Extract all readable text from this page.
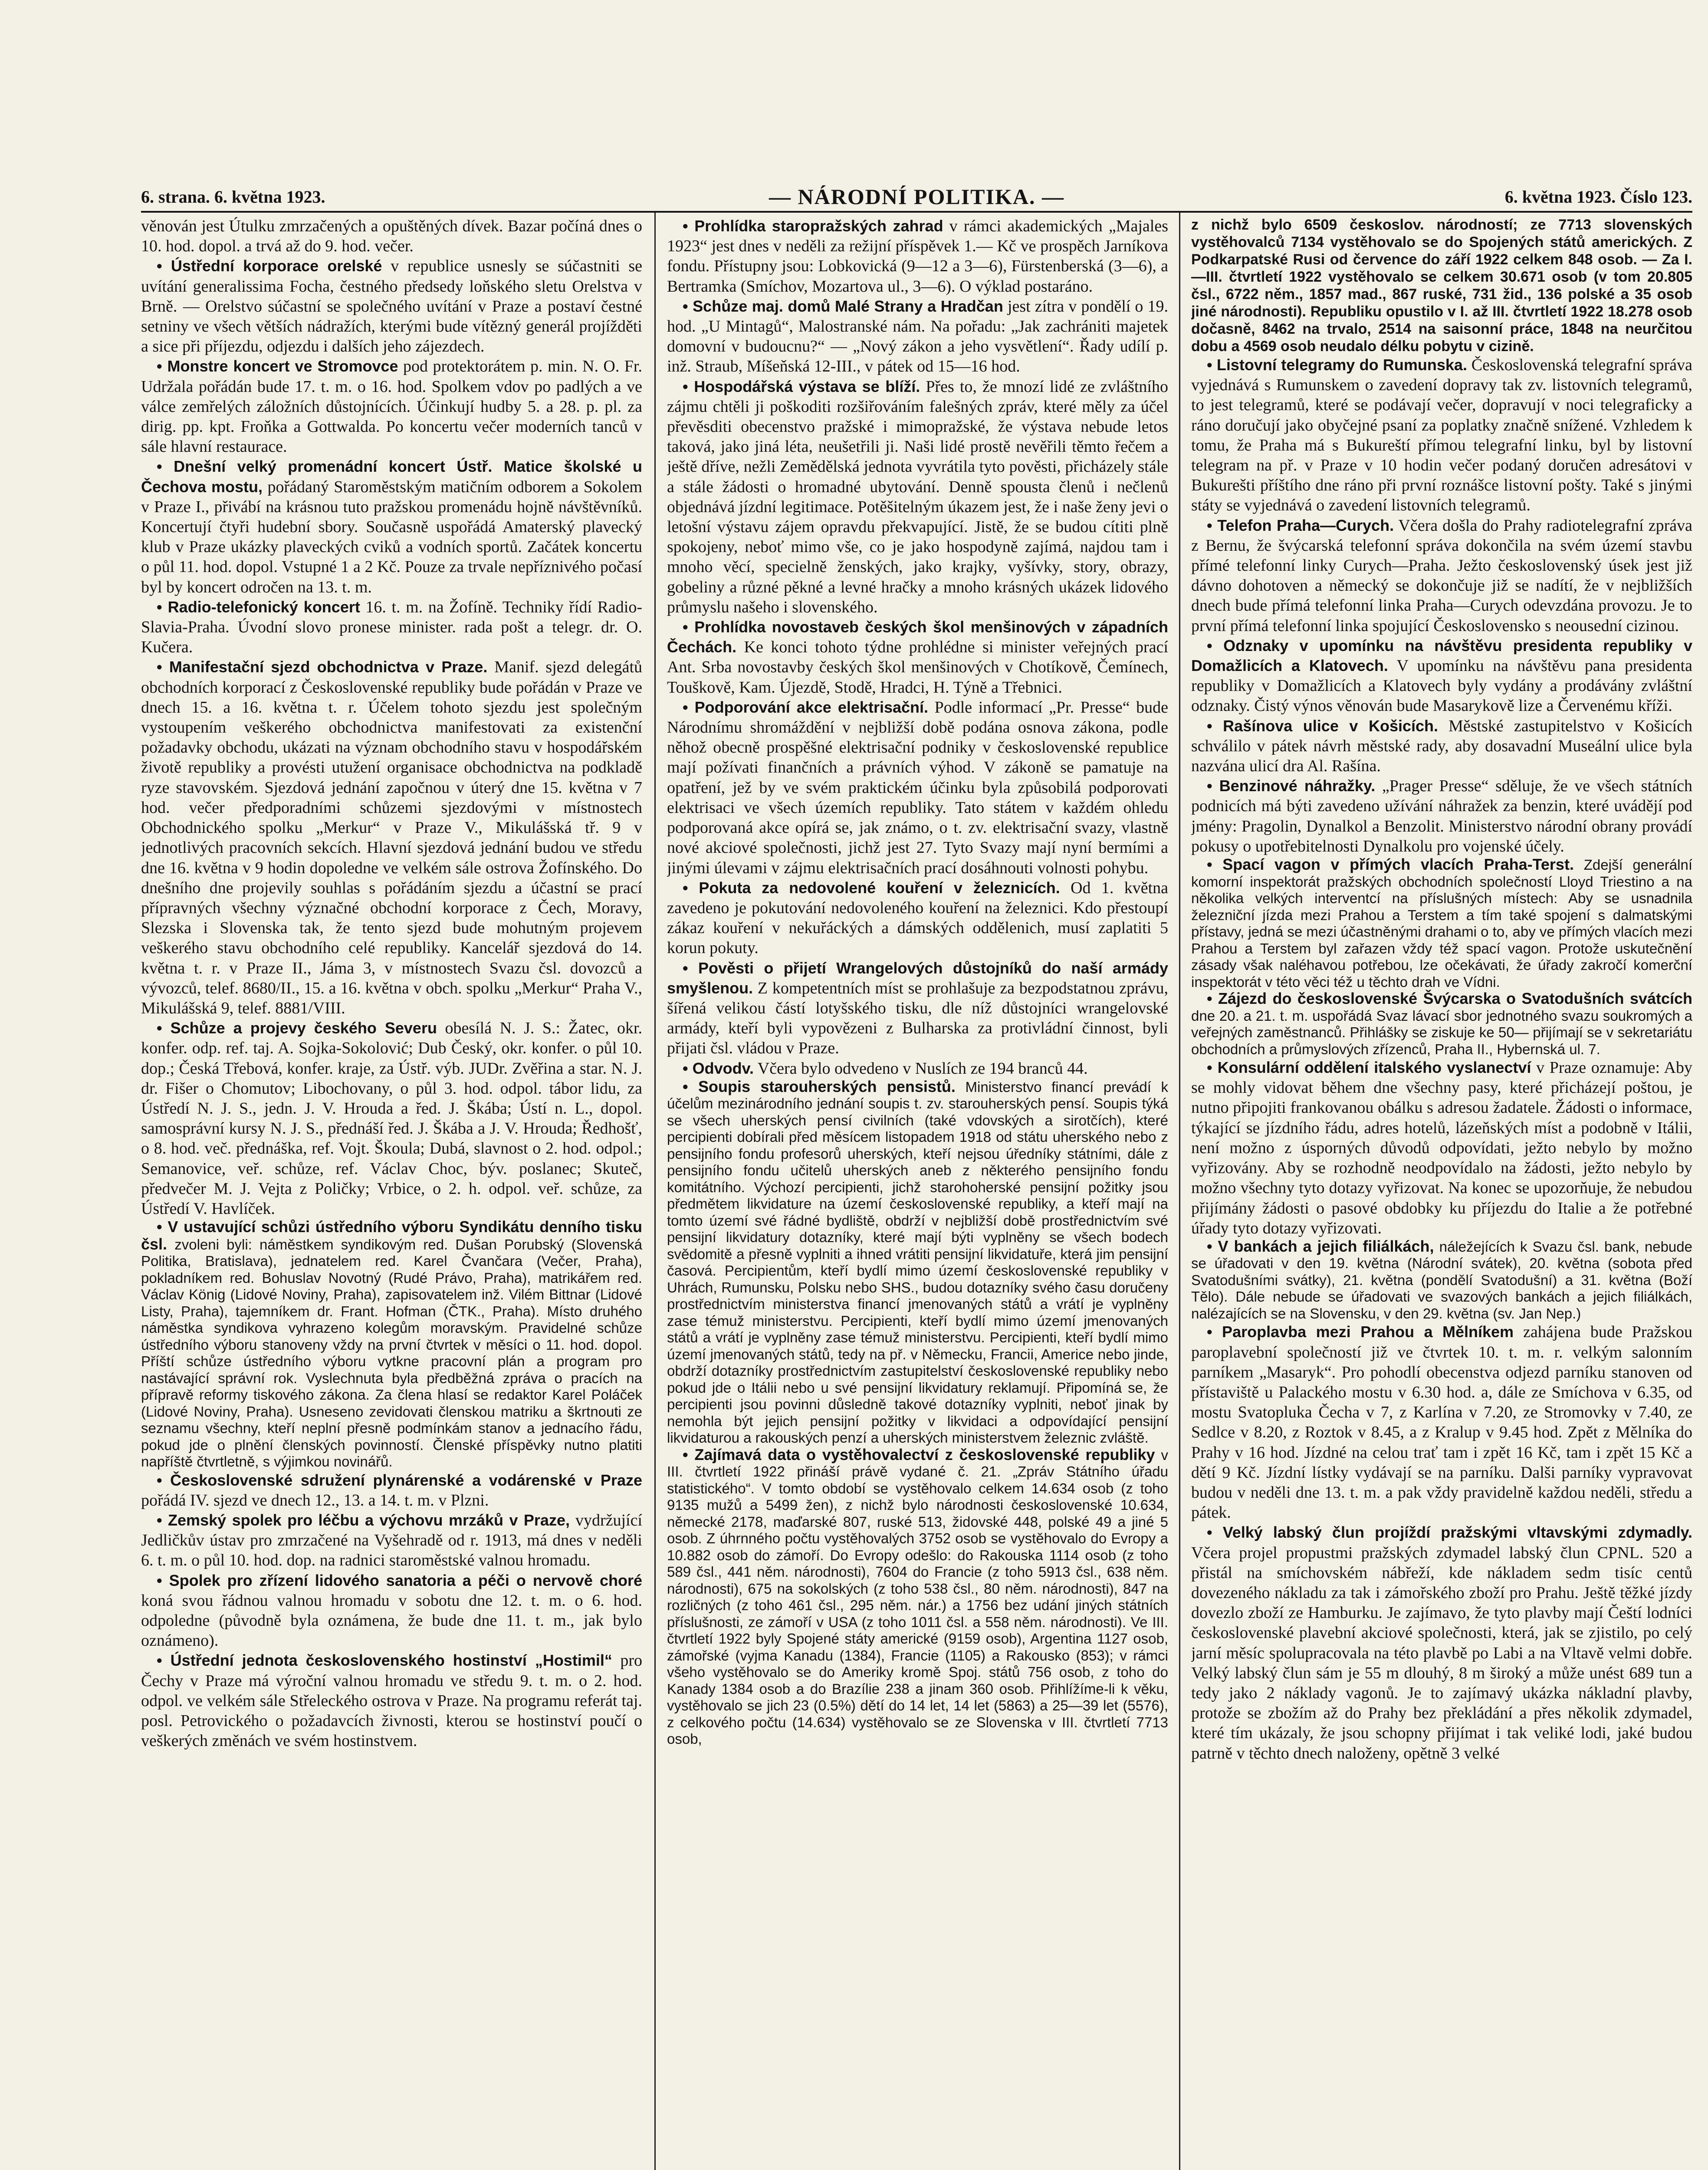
6. strana. 6. května 1923.	— NÁRODNÍ POLITIKA. —	6. května 1923. Číslo 123.

věnován jest Útulku zmrzačených a opuštěných dívek. Bazar počíná dnes o 10. hod. dopol. a trvá až do 9. hod. večer.

• Ústřední korporace orelské v republice usnesly se súčastniti se uvítání generalissima Focha, čestného předsedy loňského sletu Orelstva v Brně. — Orelstvo súčastní se společného uvítání v Praze a postaví čestné setniny ve všech větších nádražích, kterými bude vítězný generál projížděti a sice při příjezdu, odjezdu i dalších jeho zájezdech.

• Monstre koncert ve Stromovce pod protektorátem p. min. N. O. Fr. Udržala pořádán bude 17. t. m. o 16. hod. Spolkem vdov po padlých a ve válce zemřelých záložních důstojnících. Účinkují hudby 5. a 28. p. pl. za dirig. pp. kpt. Froňka a Gottwalda. Po koncertu večer moderních tanců v sále hlavní restaurace.

• Dnešní velký promenádní koncert Ústř. Matice školské u Čechova mostu, pořádaný Staroměstským matičním odborem a Sokolem v Praze I., přivábí na krásnou tuto pražskou promenádu hojně návštěvníků. Koncertují čtyři hudební sbory. Současně uspořádá Amaterský plavecký klub v Praze ukázky plaveckých cviků a vodních sportů. Začátek koncertu o půl 11. hod. dopol. Vstupné 1 a 2 Kč. Pouze za trvale nepříznivého počasí byl by koncert odročen na 13. t. m.

• Radio-telefonický koncert 16. t. m. na Žofíně. Techniky řídí Radio-Slavia-Praha. Úvodní slovo pronese minister. rada pošt a telegr. dr. O. Kučera.

• Manifestační sjezd obchodnictva v Praze. Manif. sjezd delegátů obchodních korporací z Československé republiky bude pořádán v Praze ve dnech 15. a 16. května t. r. Účelem tohoto sjezdu jest společným vystoupením veškerého obchodnictva manifestovati za existenční požadavky obchodu, ukázati na význam obchodního stavu v hospodářském životě republiky a provésti utužení organisace obchodnictva na podkladě ryze stavovském. Sjezdová jednání započnou v úterý dne 15. května v 7 hod. večer předporadními schůzemi sjezdovými v místnostech Obchodnického spolku „Merkur“ v Praze V., Mikulášská tř. 9 v jednotlivých pracovních sekcích. Hlavní sjezdová jednání budou ve středu dne 16. května v 9 hodin dopoledne ve velkém sále ostrova Žofínského. Do dnešního dne projevily souhlas s pořádáním sjezdu a účastní se prací přípravných všechny význačné obchodní korporace z Čech, Moravy, Slezska i Slovenska tak, že tento sjezd bude mohutným projevem veškerého stavu obchodního celé republiky. Kancelář sjezdová do 14. května t. r. v Praze II., Jámа 3, v místnostech Svazu čsl. dovozců a vývozců, telef. 8680/II., 15. a 16. května v obch. spolku „Merkur“ Praha V., Mikulášská 9, telef. 8881/VIII.

• Schůze a projevy českého Severu obesílá N. J. S.: Žatec, okr. konfer. odp. ref. taj. A. Sojka-Sokolović; Dub Český, okr. konfer. o půl 10. dop.; Česká Třebová, konfer. kraje, za Ústř. výb. JUDr. Zvěřina a star. N. J. dr. Fišer o Chomutov; Libochovany, o půl 3. hod. odpol. tábor lidu, za Ústředí N. J. S., jedn. J. V. Hrouda a řed. J. Škába; Ústí n. L., dopol. samosprávní kursy N. J. S., přednáší řed. J. Škába a J. V. Hrouda; Ředhošť, o 8. hod. več. přednáška, ref. Vojt. Škoula; Dubá, slavnost o 2. hod. odpol.; Semanovice, veř. schůze, ref. Václav Choc, býv. poslanec; Skuteč, předvečer M. J. Vejta z Poličky; Vrbice, o 2. h. odpol. veř. schůze, za Ústředí V. Havlíček.

• V ustavující schůzi ústředního výboru Syndikátu denního tisku čsl. zvoleni byli: náměstkem syndikovým red. Dušan Porubský (Slovenská Politika, Bratislava), jednatelem red. Karel Čvančara (Večer, Praha), pokladníkem red. Bohuslav Novotný (Rudé Právo, Praha), matrikářem red. Václav König (Lidové Noviny, Praha), zapisovatelem inž. Vilém Bittnar (Lidové Listy, Praha), tajemníkem dr. Frant. Hofman (ČTK., Praha). Místo druhého náměstka syndikova vyhrazeno kolegům moravským. Pravidelné schůze ústředního výboru stanoveny vždy na první čtvrtek v měsíci o 11. hod. dopol. Příští schůze ústředního výboru vytkne pracovní plán a program pro nastávající správní rok. Vyslechnuta byla předběžná zpráva o pracích na přípravě reformy tiskového zákona. Za člena hlasí se redaktor Karel Poláček (Lidové Noviny, Praha). Usneseno zevidovati členskou matriku a škrtnouti ze seznamu všechny, kteří neplní přesně podmínkám stanov a jednacího řádu, pokud jde o plnění členských povinností. Členské příspěvky nutno platiti napříště čtvrtletně, s výjimkou novinářů.

• Československé sdružení plynárenské a vodárenské v Praze pořádá IV. sjezd ve dnech 12., 13. a 14. t. m. v Plzni.

• Zemský spolek pro léčbu a výchovu mrzáků v Praze, vydržující Jedličkův ústav pro zmrzačené na Vyšehradě od r. 1913, má dnes v neděli 6. t. m. o půl 10. hod. dop. na radnici staroměstské valnou hromadu.

• Spolek pro zřízení lidového sanatoria a péči o nervově choré koná svou řádnou valnou hromadu v sobotu dne 12. t. m. o 6. hod. odpoledne (původně byla oznámena, že bude dne 11. t. m., jak bylo oznámeno).

• Ústřední jednota československého hostinství „Hostimil“ pro Čechy v Praze má výroční valnou hromadu ve středu 9. t. m. o 2. hod. odpol. ve velkém sále Střeleckého ostrova v Praze. Na programu referát taj. posl. Petrovického o požadavcích živnosti, kterou se hostinství poučí o veškerých změnách ve svém hostinstvem.

• Prohlídka staropražských zahrad v rámci akademických „Majales 1923“ jest dnes v neděli za režijní příspěvek 1.— Kč ve prospěch Jarníkova fondu. Přístupny jsou: Lobkovická (9—12 a 3—6), Fürstenberská (3—6), a Bertramka (Smíchov, Mozartova ul., 3—6). O výklad postaráno.

• Schůze maj. domů Malé Strany a Hradčan jest zítra v pondělí o 19. hod. „U Mintagů“, Malostranské nám. Na pořadu: „Jak zachrániti majetek domovní v budoucnu?“ — „Nový zákon a jeho vysvětlení“. Řady udílí p. inž. Straub, Míšeňská 12-III., v pátek od 15—16 hod.

• Hospodářská výstava se blíží. Přes to, že mnozí lidé ze zvláštního zájmu chtěli ji poškoditi rozšiřováním falešných zpráv, které měly za účel převěsditi obecenstvo pražské i mimopražské, že výstava nebude letos taková, jako jiná léta, neušetřili ji. Naši lidé prostě nevěřili těmto řečem a ještě dříve, nežli Zemědělská jednota vyvrátila tyto pověsti, přicházely stále a stále žádosti o hromadné ubytování. Denně spousta členů i nečlenů objednává jízdní legitimace. Potěšitelným úkazem jest, že i naše ženy jevi o letošní výstavu zájem opravdu překvapující. Jistě, že se budou cítiti plně spokojeny, neboť mimo vše, co je jako hospodyně zajímá, najdou tam i mnoho věcí, specielně ženských, jako krajky, vyšívky, story, obrazy, gobeliny a různé pěkné a levné hračky a mnoho krásných ukázek lidového průmyslu našeho i slovenského.

• Prohlídka novostaveb českých škol menšinových v západních Čechách. Ke konci tohoto týdne prohlédne si minister veřejných prací Ant. Srba novostavby českých škol menšinových v Chotíkově, Čemínech, Touškově, Kam. Újezdě, Stodě, Hradci, H. Týně a Třebnici.

• Podporování akce elektrisační. Podle informací „Pr. Presse“ bude Národnímu shromáždění v nejbližší době podána osnova zákona, podle něhož obecně prospěšné elektrisační podniky v československé republice mají požívati finančních a právních výhod. V zákoně se pamatuje na opatření, jež by ve svém praktickém účinku byla způsobilá podporovati elektrisaci ve všech územích republiky. Tato státem v každém ohledu podporovaná akce opírá se, jak známo, o t. zv. elektrisační svazy, vlastně nové akciové společnosti, jichž jest 27. Tyto Svazy mají nyní bermími a jinými úlevami v zájmu elektrisačních prací dosáhnouti volnosti pohybu.

• Pokuta za nedovolené kouření v železnicích. Od 1. května zavedeno je pokutování nedovoleného kouření na železnici. Kdo přestoupí zákaz kouření v nekuřáckých a dámských oddělenich, musí zaplatiti 5 korun pokuty.

• Pověsti o přijetí Wrangelových důstojníků do naší armády smyšlenou. Z kompetentních míst se prohlašuje za bezpodstatnou zprávu, šířená velikou částí lotyšského tisku, dle níž důstojníci wrangelovské armády, kteří byli vypovězeni z Bulharska za protivládní činnost, byli přijati čsl. vládou v Praze.

• Odvodv. Včera bylo odvedeno v Nuslích ze 194 branců 44.

• Soupis starouherských pensistů. Ministerstvo financí prevádí k účelům mezinárodního jednání soupis t. zv. starouherských pensí. Soupis týká se všech uherských pensí civilních (také vdovských a sirotčích), které percipienti dobírali před měsícem listopadem 1918 od státu uherského nebo z pensijního fondu profesorů uherských, kteří nejsou úředníky státními, dále z pensijního fondu učitelů uherských aneb z některého pensijního fondu komitátního. Výchozí percipienti, jichž starohoherské pensijní požitky jsou předmětem likvidature na území československé republiky, a kteří mají na tomto území své řádné bydliště, obdrží v nejbližší době prostřednictvím své pensijní likvidatury dotazníky, které mají býti vyplněny se všech bodech svědomitě a přesně vyplniti a ihned vrátiti pensijní likvidatuře, která jim pensijní časová. Percipientům, kteří bydlí mimo území československé republiky v Uhrách, Rumunsku, Polsku nebo SHS., budou dotazníky svého času doručeny prostřednictvím ministerstva financí jmenovaných států a vrátí je vyplněny zase témuž ministerstvu. Percipienti, kteří bydlí mimo území jmenovaných států a vrátí je vyplněny zase témuž ministerstvu. Percipienti, kteří bydlí mimo území jmenovaných států, tedy na př. v Německu, Francii, Americe nebo jinde, obdrží dotazníky prostřednictvím zastupitelství československé republiky nebo pokud jde o Itálii nebo u své pensijní likvidatury reklamují. Připomíná se, že percipienti jsou povinni důsledně takové dotazníky vyplniti, neboť jinak by nemohla být jejich pensijní požitky v likvidaci a odpovídající pensijní likvidaturou a rakouských penzí a uherských ministerstvem železnic zvláště.

• Zajímavá data o vystěhovalectví z československé republiky v III. čtvrtletí 1922 přináší právě vydané č. 21. „Zpráv Státního úřadu statistického“. V tomto období se vystěhovalo celkem 14.634 osob (z toho 9135 mužů a 5499 žen), z nichž bylo národnosti československé 10.634, německé 2178, maďarské 807, ruské 513, židovské 448, polské 49 a jiné 5 osob. Z úhrnného počtu vystěhovalých 3752 osob se vystěhovalo do Evropy a 10.882 osob do zámoří. Do Evropy odešlo: do Rakouska 1114 osob (z toho 589 čsl., 441 něm. národnosti), 7604 do Francie (z toho 5913 čsl., 638 něm. národnosti), 675 na sokolských (z toho 538 čsl., 80 něm. národnosti), 847 na rozličných (z toho 461 čsl., 295 něm. nár.) a 1756 bez udání jiných státních příslušnosti, ze zámoří v USA (z toho 1011 čsl. a 558 něm. národnosti). Ve III. čtvrtletí 1922 byly Spojené státy americké (9159 osob), Argentina 1127 osob, zámořské (vyjma Kanadu (1384), Francie (1105) a Rakousko (853); v rámci všeho vystěhovalo se do Ameriky kromě Spoj. států 756 osob, z toho do Kanady 1384 osob a do Brazílie 238 a jinam 360 osob. Přihlížíme-li k věku, vystěhovalo se jich 23 (0.5%) dětí do 14 let, 14 let (5863) a 25—39 let (5576), z celkového počtu (14.634) vystěhovalo se ze Slovenska v III. čtvrtletí 7713 osob,

z nichž bylo 6509 českoslov. národností; ze 7713 slovenských vystěhovalců 7134 vystěhovalo se do Spojených států amerických. Z Podkarpatské Rusi od července do září 1922 celkem 848 osob. — Za I.—III. čtvrtletí 1922 vystěhovalo se celkem 30.671 osob (v tom 20.805 čsl., 6722 něm., 1857 mad., 867 ruské, 731 žid., 136 polské a 35 osob jiné národnosti). Republiku opustilo v I. až III. čtvrtletí 1922 18.278 osob dočasně, 8462 na trvalo, 2514 na saisonní práce, 1848 na neurčitou dobu a 4569 osob neudalo délku pobytu v cizině.

• Listovní telegramy do Rumunska. Československá telegrafní správa vyjednává s Rumunskem o zavedení dopravy tak zv. listovních telegramů, to jest telegramů, které se podávají večer, dopravují v noci telegraficky a ráno doručují jako obyčejné psaní za poplatky značně snížené. Vzhledem k tomu, že Praha má s Bukureští přímou telegrafní linku, byl by listovní telegram na př. v Praze v 10 hodin večer podaný doručen adresátovi v Bukurešti příštího dne ráno při první roznášce listovní pošty. Také s jinými státy se vyjednává o zavedení listovních telegramů.

• Telefon Praha—Curych. Včera došla do Prahy radiotelegrafní zpráva z Bernu, že švýcarská telefonní správa dokončila na svém území stavbu přímé telefonní linky Curych—Praha. Ježto československý úsek jest již dávno dohotoven a německý se dokončuje již se nadítí, že v nejbližších dnech bude přímá telefonní linka Praha—Curych odevzdána provozu. Je to první přímá telefonní linka spojující Československo s neousední cizinou.

• Odznaky v upomínku na návštěvu presidenta republiky v Domažlicích a Klatovech. V upomínku na návštěvu pana presidenta republiky v Domažlicích a Klatovech byly vydány a prodávány zvláštní odznaky. Čistý výnos věnován bude Masarykově lize a Červenému kříži.

• Rašínova ulice v Košicích. Městské zastupitelstvo v Košicích schválilo v pátek návrh městské rady, aby dosavadní Museální ulice byla nazvána ulicí dra Al. Rašína.

• Benzinové náhražky. „Prager Presse“ sděluje, že ve všech státních podnicích má býti zavedeno užívání náhražek za benzin, které uvádějí pod jmény: Pragolin, Dynalkol a Benzolit. Ministerstvo národní obrany provádí pokusy o upotřebitelnosti Dynalkolu pro vojenské účely.

• Spací vagon v přímých vlacích Praha-Terst. Zdejší generální komorní inspektorát pražských obchodních společností Lloyd Triestino a na několika velkých interventcí na příslušných místech: Aby se usnadnila železniční jízda mezi Prahou a Terstem a tím také spojení s dalmatskými přístavy, jedná se mezi účastněnými drahami o to, aby ve přímých vlacích mezi Prahou a Terstem byl zařazen vždy též spací vagon. Protože uskutečnění zásady však naléhavou potřebou, lze očekávati, že úřady zakročí komerční inspektorát v této věci též u těchto drah ve Vídni.

• Zájezd do československé Švýcarska o Svatodušních svátcích dne 20. a 21. t. m. uspořádá Svaz lávací sbor jednotného svazu soukromých a veřejných zaměstnanců. Přihlášky se ziskuje ke 50— přijímají se v sekretariátu obchodních a průmyslových zřízenců, Praha II., Hybernská ul. 7.

• Konsulární oddělení italského vyslanectví v Praze oznamuje: Aby se mohly vidovat během dne všechny pasy, které přicházejí poštou, je nutno připojiti frankovanou obálku s adresou žadatele. Žádosti o informace, týkající se jízdního řádu, adres hotelů, lázeňských míst a podobně v Itálii, není možno z úsporných důvodů odpovídati, ježto nebylo by možno vyřizovány. Aby se rozhodně neodpovídalo na žádosti, ježto nebylo by možno všechny tyto dotazy vyřizovat. Na konec se upozorňuje, že nebudou přijímány žádosti o pasové obdobky ku příjezdu do Italie a že potřebné úřady tyto dotazy vyřizovati.

• V bankách a jejich filiálkách, náležejících k Svazu čsl. bank, nebude se úřadovati v den 19. května (Národní svátek), 20. května (sobota před Svatodušními svátky), 21. května (pondělí Svatodušní) a 31. května (Boží Tělo). Dále nebude se úřadovati ve svazových bankách a jejich filiálkách, nalézajících se na Slovensku, v den 29. května (sv. Jan Nep.)

• Paroplavba mezi Prahou a Mělníkem zahájena bude Pražskou paroplavební společností již ve čtvrtek 10. t. m. r. velkým salonním parníkem „Masaryk“. Pro pohodlí obecenstva odjezd parníku stanoven od přístaviště u Palackého mostu v 6.30 hod. a, dále ze Smíchova v 6.35, od mostu Svatopluka Čecha v 7, z Karlína v 7.20, ze Stromovky v 7.40, ze Sedlce v 8.20, z Roztok v 8.45, a z Kralup v 9.45 hod. Zpět z Mělníka do Prahy v 16 hod. Jízdné na celou trať tam i zpět 16 Kč, tam i zpět 15 Kč a dětí 9 Kč. Jízdní lístky vydávají se na parníku. Dalši parníky vypravovat budou v neděli dne 13. t. m. a pak vždy pravidelně každou neděli, středu a pátek.

• Velký labský člun projíždí pražskými vltavskými zdymadly. Včera projel propustmi pražských zdymadel labský člun CPNL. 520 a přistál na smíchovském nábřeží, kde nákladem sedm tisíc centů dovezeného nákladu za tak i zámořského zboží pro Prahu. Ještě těžké jízdy dovezlo zboží ze Hamburku. Je zajímavo, že tyto plavby mají Čeští lodníci československé plavební akciové společnosti, která, jak se zjistilo, po celý jarní měsíc spolupracovala na této plavbě po Labi a na Vltavě velmi dobře. Velký labský člun sám je 55 m dlouhý, 8 m široký a může unést 689 tun a tedy jako 2 náklady vagonů. Je to zajímavý ukázka nákladní plavby, protože se zbožím až do Prahy bez překládání a přes několik zdymadel, které tím ukázaly, že jsou schopny přijímat i tak veliké lodi, jaké budou patrně v těchto dnech naloženy, opětně 3 velké
